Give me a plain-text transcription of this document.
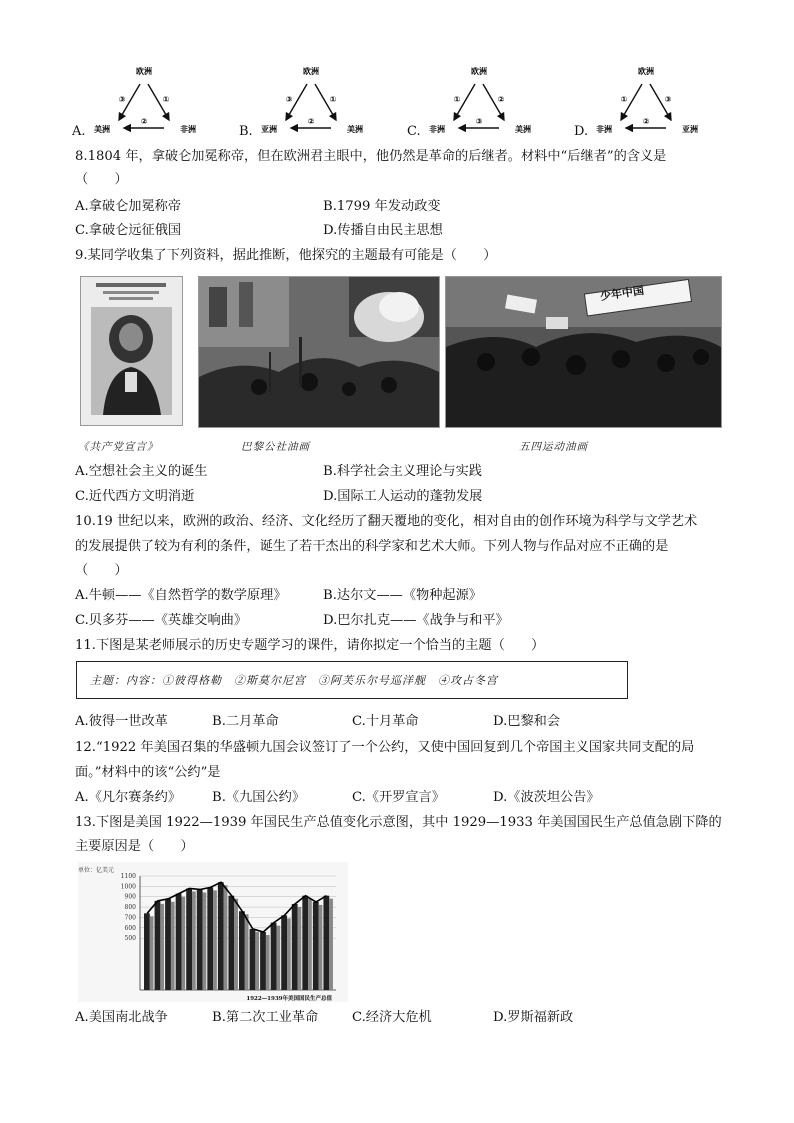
A.
欧洲
美洲	非洲
③	①
②
B.
欧洲
亚洲	美洲
③	①
②
C.
欧洲
非洲	美洲
①	②
③
D.
欧洲
非洲	亚洲
①	③
②
8.1804 年，拿破仑加冕称帝，但在欧洲君主眼中，他仍然是革命的后继者。材料中“后继者”的含义是
（　　）
A.拿破仑加冕称帝	B.1799 年发动政变
C.拿破仑远征俄国	D.传播自由民主思想
9.某同学收集了下列资料，据此推断，他探究的主题最有可能是（　　）
少年中国
《共产党宣言》	巴黎公社油画	五四运动油画
A.空想社会主义的诞生	B.科学社会主义理论与实践
C.近代西方文明消逝	D.国际工人运动的蓬勃发展
10.19 世纪以来，欧洲的政治、经济、文化经历了翻天覆地的变化，相对自由的创作环境为科学与文学艺术
的发展提供了较为有利的条件，诞生了若干杰出的科学家和艺术大师。下列人物与作品对应不正确的是
（　　）
A.牛顿——《自然哲学的数学原理》	B.达尔文——《物种起源》
C.贝多芬——《英雄交响曲》	D.巴尔扎克——《战争与和平》
11.下图是某老师展示的历史专题学习的课件，请你拟定一个恰当的主题（　　）
主题：内容：①彼得格勒　②斯莫尔尼宫　③阿芙乐尔号巡洋舰　④攻占冬宫
A.彼得一世改革	B.二月革命	C.十月革命	D.巴黎和会
12.“1922 年美国召集的华盛顿九国会议签订了一个公约，又使中国回复到几个帝国主义国家共同支配的局
面。”材料中的该“公约”是
A.《凡尔赛条约》 B.《九国公约》	C.《开罗宣言》	D.《波茨坦公告》
13.下图是美国 1922—1939 年国民生产总值变化示意图，其中 1929—1933 年美国国民生产总值急剧下降的
主要原因是（　　）
单位：亿美元
500
600
700
800
900
1000
1100
1922—1939年美国国民生产总值
A.美国南北战争	B.第二次工业革命	C.经济大危机	D.罗斯福新政
